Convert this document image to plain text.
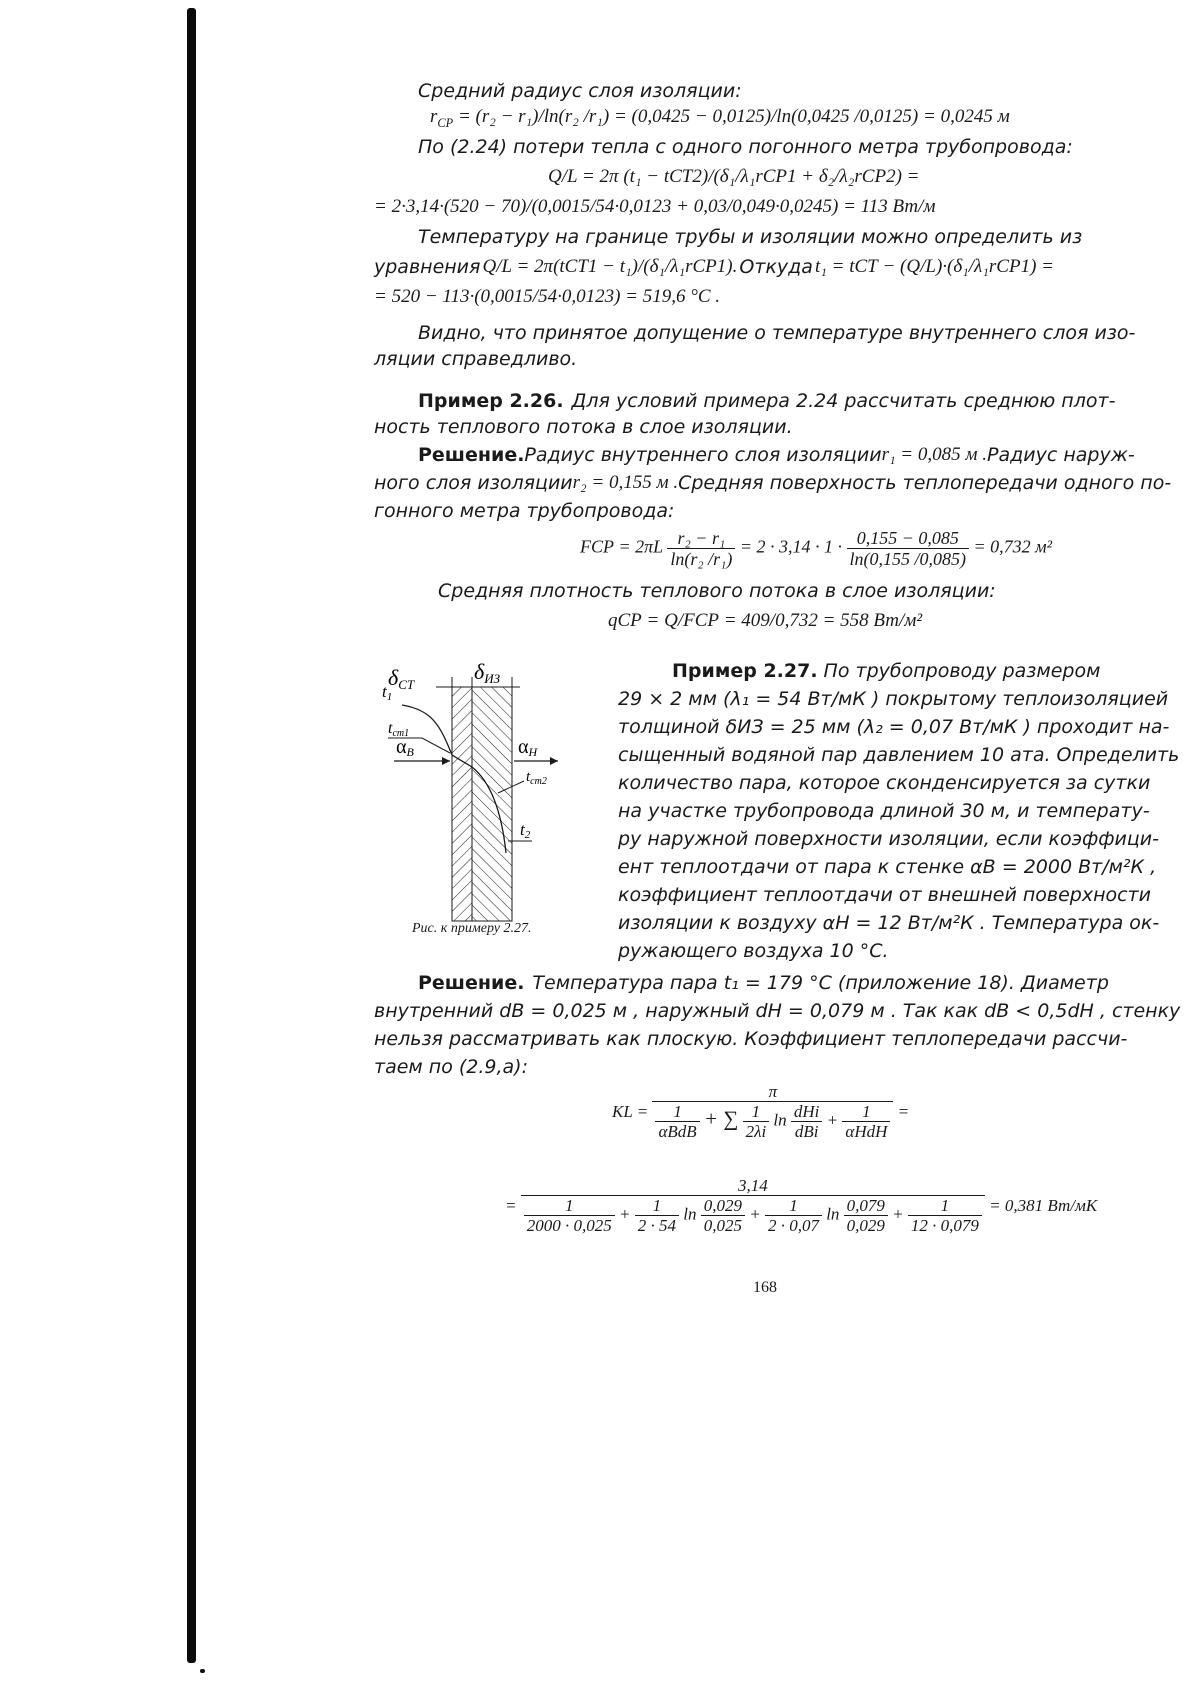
Средний радиус слоя изоляции:
$r_{CP} = (r_2 - r_1)/\ln(r_2$ /r₁) = (0,0425 − 0,0125)/ln(0,0425 /0,0125) = 0,0245 м
По (2.24) потери тепла с одного погонного метра трубопровода:
Q/L = 2π (t₁ − tСТ2)/(δ₁/λ₁rСР1 + δ₂/λ₂rСР2) =
= 2·3,14·(520 − 70)/(0,0015/54·0,0123 + 0,03/0,049·0,0245) = 113 Вт/м
Температуру на границе трубы и изоляции можно определить из
уравнения Q/L = 2π(tСТ1 − t₁)/(δ₁/λ₁rСР1). Откуда t₁ = tСТ − (Q/L)·(δ₁/λ₁rСР1) =
= 520 − 113·(0,0015/54·0,0123) = 519,6 °C .
Видно, что принятое допущение о температуре внутреннего слоя изо-
ляции справедливо.
Пример 2.26. Для условий примера 2.24 рассчитать среднюю плот-
ность теплового потока в слое изоляции.
Решение. Радиус внутреннего слоя изоляции r₁ = 0,085 м . Радиус наруж-
ного слоя изоляции r₂ = 0,155 м . Средняя поверхность теплопередачи одного по-
гонного метра трубопровода:
FСР = $2\pi L \frac{\text{r₂ − r₁}}{\text{ln(r₂ /r₁)}} = 2 \cdot 3,14 \cdot 1 \cdot \frac{0,155 - 0,085}{\ln(0,155 /0,085)} = 0,732$ м²
Средняя плотность теплового потока в слое изоляции:
qСР = Q/FСР = 409/0,732 = 558 Вт/м²
δСТ
δИЗ
t1
tcm1
αВ	αН
$t_{cm2}$
t2
Рис. к примеру 2.27.
Пример 2.27. По трубопроводу размером
29 × 2 мм (λ₁ = 54 Вт/мК ) покрытому теплоизоляцией
толщиной δИЗ = 25 мм (λ₂ = 0,07 Вт/мК ) проходит на-
сыщенный водяной пар давлением 10 ата. Определить
количество пара, которое сконденсируется за сутки
на участке трубопровода длиной 30 м, и температу-
ру наружной поверхности изоляции, если коэффици-
ент теплоотдачи от пара к стенке αВ = 2000 Вт/м²К ,
коэффициент теплоотдачи от внешней поверхности
изоляции к воздуху αН = 12 Вт/м²К . Температура ок-
ружающего воздуха 10 °C.
Решение. Температура пара t₁ = 179 °C (приложение 18). Диаметр
внутренний dВ = 0,025 м , наружный dН = 0,079 м . Так как dВ < 0,5dН , стенку
нельзя рассматривать как плоскую. Коэффициент теплопередачи рассчи-
таем по (2.9,а):
KL =
π
$\frac{1}{\text{αВdВ}}$ + ∑ $\frac{1}{2\lambda i}$ $\ln \frac{\text{dHi}}{\text{dBi}} + \frac{1}{\text{αНdН}}$ =
=
3,14
$\frac{1}{2000 \cdot 0,025} + \frac{1}{2 \cdot 54}$ $\ln \frac{0,029}{0,025} + \frac{1}{2 \cdot 0,07}$ $\ln \frac{0,079}{0,029} + \frac{1}{12 \cdot 0,079} = 0,381$ Вт/мК
168
